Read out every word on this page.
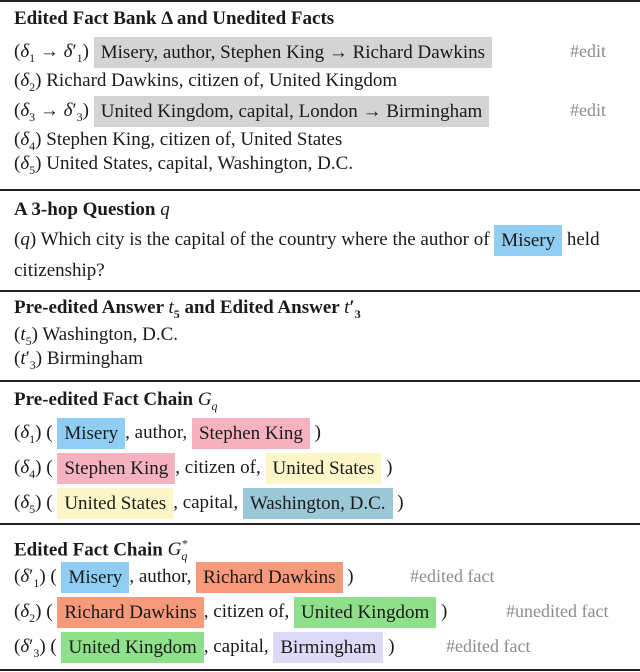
Edited Fact Bank Δ and Unedited Facts
$(\delta_1 \to \delta'_1)$ Misery, author, Stephen King → Richard Dawkins	#edit
$(\delta_2)$ Richard Dawkins, citizen of, United Kingdom
$(\delta_3 \to \delta'_3)$ United Kingdom, capital, London → Birmingham	#edit
$(\delta_4)$ Stephen King, citizen of, United States
$(\delta_5)$ United States, capital, Washington, D.C.
A 3-hop Question q
(q) Which city is the capital of the country where the author of Misery held citizenship?
Pre-edited Answer $t_5$ and Edited Answer $t'_3$
$(t_5)$ Washington, D.C.
$(t'_3)$ Birmingham
Pre-edited Fact Chain $G_q$
$(\delta_1)$ ( Misery , author, Stephen King )
$(\delta_4)$ ( Stephen King , citizen of, United States )
$(\delta_5)$ ( United States , capital, Washington, D.C. )
Edited Fact Chain $G^*_q$
$(\delta'_1)$ ( Misery , author, Richard Dawkins )	#edited fact
$(\delta_2)$ ( Richard Dawkins , citizen of, United Kingdom )	#unedited fact
$(\delta'_3)$ ( United Kingdom , capital, Birmingham )	#edited fact
